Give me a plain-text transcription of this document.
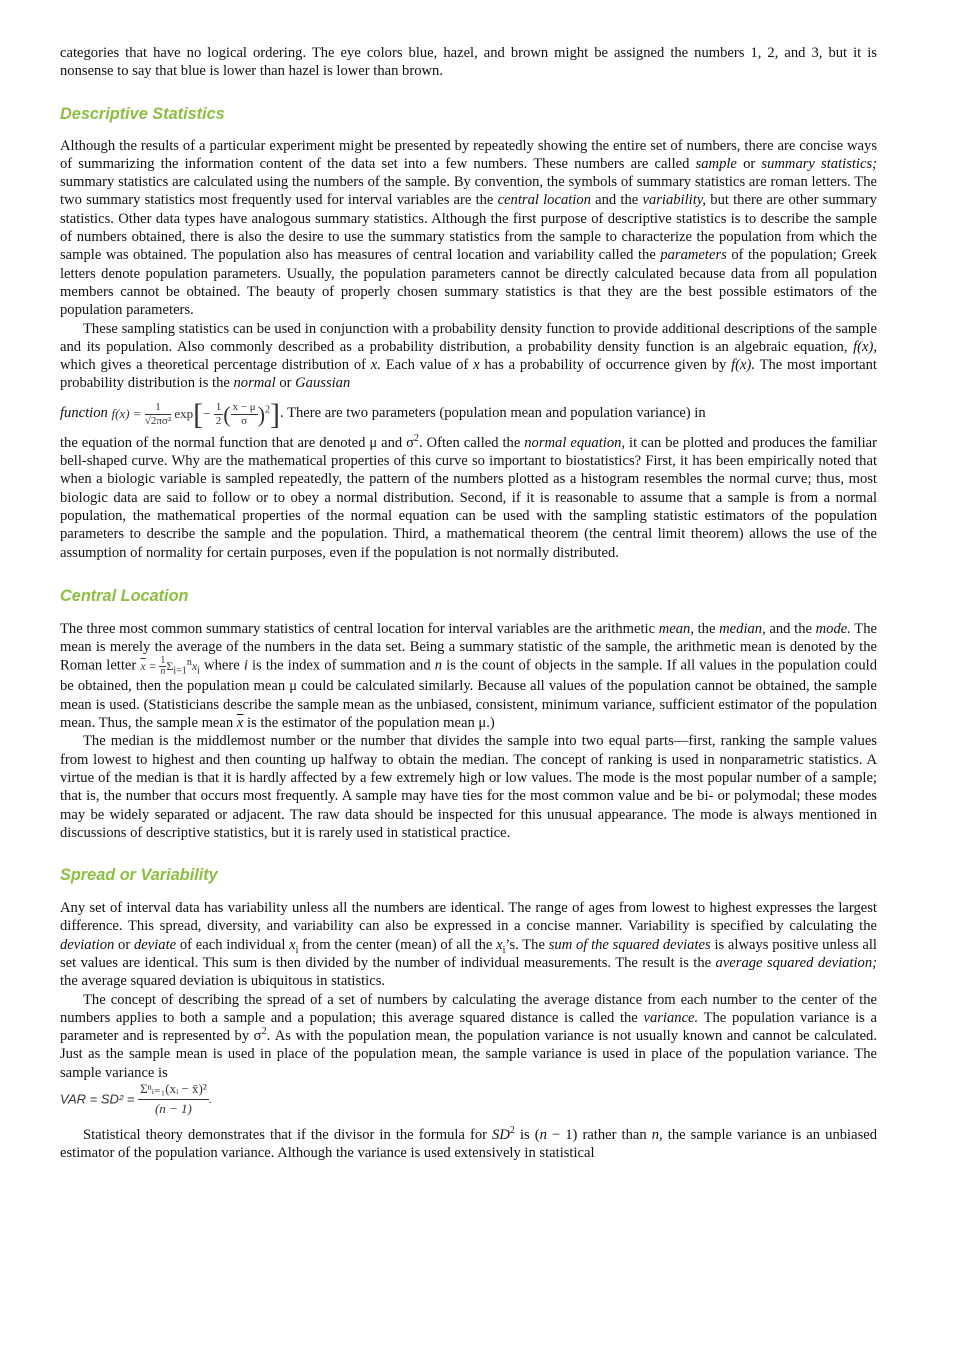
categories that have no logical ordering. The eye colors blue, hazel, and brown might be assigned the numbers 1, 2, and 3, but it is nonsense to say that blue is lower than hazel is lower than brown.

Descriptive Statistics

Although the results of a particular experiment might be presented by repeatedly showing the entire set of numbers, there are concise ways of summarizing the information content of the data set into a few numbers. These numbers are called sample or summary statistics; summary statistics are calculated using the numbers of the sample. By convention, the symbols of summary statistics are roman letters. The two summary statistics most frequently used for interval variables are the central location and the variability, but there are other summary statistics. Other data types have analogous summary statistics. Although the first purpose of descriptive statistics is to describe the sample of numbers obtained, there is also the desire to use the summary statistics from the sample to characterize the population from which the sample was obtained. The population also has measures of central location and variability called the parameters of the population; Greek letters denote population parameters. Usually, the population parameters cannot be directly calculated because data from all population members cannot be obtained. The beauty of properly chosen summary statistics is that they are the best possible estimators of the population parameters.

These sampling statistics can be used in conjunction with a probability density function to provide additional descriptions of the sample and its population. Also commonly described as a probability distribution, a probability density function is an algebraic equation, f(x), which gives a theoretical percentage distribution of x. Each value of x has a probability of occurrence given by f(x). The most important probability distribution is the normal or Gaussian

function $f(x) = \frac{1}{\text{√2πσ²}} \exp[- \frac{1}{2}$ ( $\frac{x - \mu}{\sigma} )^2$]. There are two parameters (population mean and population variance) in

the equation of the normal function that are denoted μ and $\sigma^2$. Often called the normal equation, it can be plotted and produces the familiar bell-shaped curve. Why are the mathematical properties of this curve so important to biostatistics? First, it has been empirically noted that when a biologic variable is sampled repeatedly, the pattern of the numbers plotted as a histogram resembles the normal curve; thus, most biologic data are said to follow or to obey a normal distribution. Second, if it is reasonable to assume that a sample is from a normal population, the mathematical properties of the normal equation can be used with the sampling statistic estimators of the population parameters to describe the sample and the population. Third, a mathematical theorem (the central limit theorem) allows the use of the assumption of normality for certain purposes, even if the population is not normally distributed.

Central Location

The three most common summary statistics of central location for interval variables are the arithmetic mean, the median, and the mode. The mean is merely the average of the numbers in the data set. Being a summary statistic of the sample, the arithmetic mean is denoted by the Roman letter $\overline{x} = \frac{1}{n} \Sigma_{i=1}^nx_i$ where i is the index of summation and n is the count of objects in the sample. If all values in the population could be obtained, then the population mean μ could be calculated similarly. Because all values of the population cannot be obtained, the sample mean is used. (Statisticians describe the sample mean as the unbiased, consistent, minimum variance, sufficient estimator of the population mean. Thus, the sample mean $\overline{x}$ is the estimator of the population mean μ.)

The median is the middlemost number or the number that divides the sample into two equal parts—first, ranking the sample values from lowest to highest and then counting up halfway to obtain the median. The concept of ranking is used in nonparametric statistics. A virtue of the median is that it is hardly affected by a few extremely high or low values. The mode is the most popular number of a sample; that is, the number that occurs most frequently. A sample may have ties for the most common value and be bi- or polymodal; these modes may be widely separated or adjacent. The raw data should be inspected for this unusual appearance. The mode is always mentioned in discussions of descriptive statistics, but it is rarely used in statistical practice.

Spread or Variability

Any set of interval data has variability unless all the numbers are identical. The range of ages from lowest to highest expresses the largest difference. This spread, diversity, and variability can also be expressed in a concise manner. Variability is specified by calculating the deviation or deviate of each individual $x_i$ from the center (mean) of all the $x_i’s$. The sum of the squared deviates is always positive unless all set values are identical. This sum is then divided by the number of individual measurements. The result is the average squared deviation; the average squared deviation is ubiquitous in statistics.

The concept of describing the spread of a set of numbers by calculating the average distance from each number to the center of the numbers applies to both a sample and a population; this average squared distance is called the variance. The population variance is a parameter and is represented by $\sigma^2$. As with the population mean, the population variance is not usually known and cannot be calculated. Just as the sample mean is used in place of the population mean, the sample variance is used in place of the population variance. The sample variance is

VAR = $SD^2 = \frac{\text{Σⁿᵢ₌₁(xᵢ − x̄)²}}{(n - 1)}$ .

Statistical theory demonstrates that if the divisor in the formula for $SD^2$ is (n − 1) rather than n, the sample variance is an unbiased estimator of the population variance. Although the variance is used extensively in statistical
